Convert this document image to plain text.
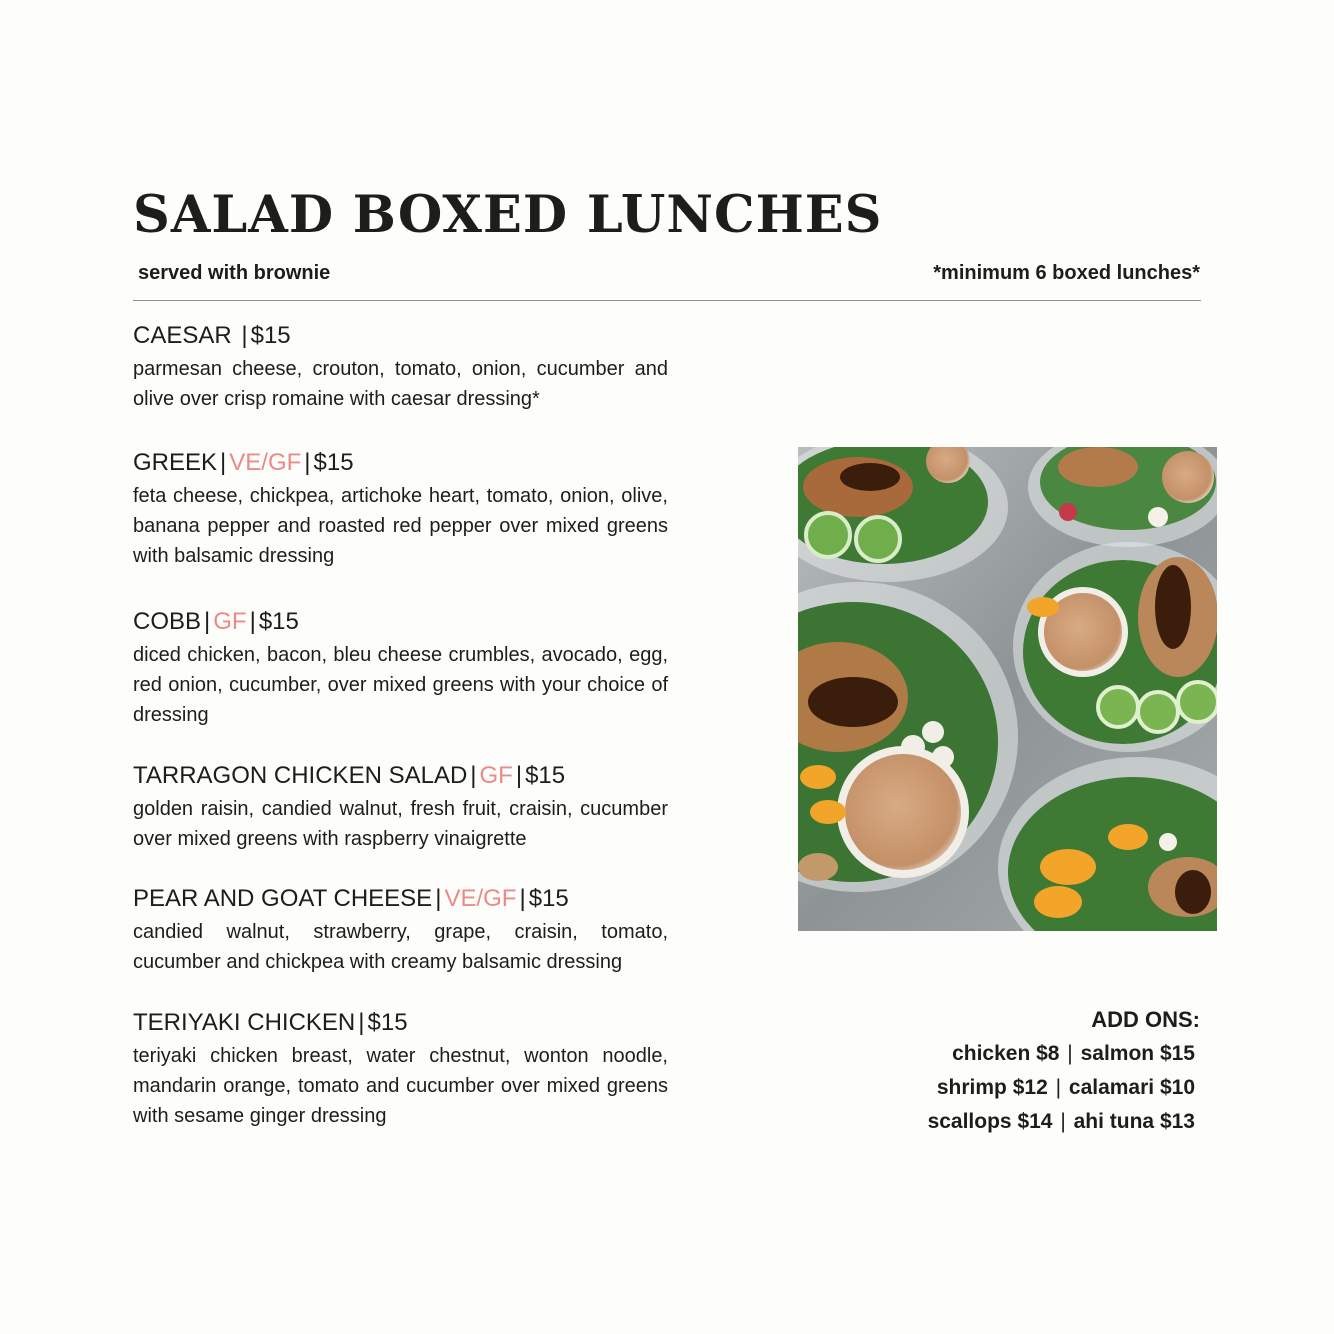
SALAD BOXED LUNCHES
served with brownie	*minimum 6 boxed lunches*
CAESAR | $15
parmesan cheese, crouton, tomato, onion, cucumber and olive over crisp romaine with caesar dressing*
GREEK | VE/GF | $15
feta cheese, chickpea, artichoke heart, tomato, onion, olive, banana pepper and roasted red pepper over mixed greens with balsamic dressing
COBB | GF | $15
diced chicken, bacon, bleu cheese crumbles, avocado, egg, red onion, cucumber, over mixed greens with your choice of dressing
TARRAGON CHICKEN SALAD | GF | $15
golden raisin, candied walnut, fresh fruit, craisin, cucumber over mixed greens with raspberry vinaigrette
PEAR AND GOAT CHEESE | VE/GF | $15
candied walnut, strawberry, grape, craisin, tomato, cucumber and chickpea with creamy balsamic dressing
TERIYAKI CHICKEN | $15
teriyaki chicken breast, water chestnut, wonton noodle, mandarin orange, tomato and cucumber over mixed greens with sesame ginger dressing
ADD ONS:
chicken $8 | salmon $15
shrimp $12 | calamari $10
scallops $14 | ahi tuna $13
